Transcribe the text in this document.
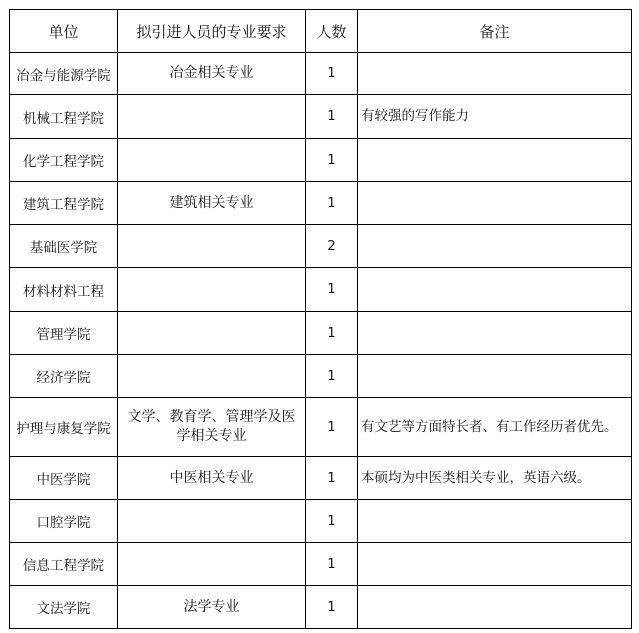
单位	拟引进人员的专业要求	人数	备注
冶金与能源学院	冶金相关专业	1	
机械工程学院		1	有较强的写作能力
化学工程学院		1	
建筑工程学院	建筑相关专业	1	
基础医学院		2	
材料材料工程		1	
管理学院		1	
经济学院		1	
护理与康复学院	文学、教育学、管理学及医学相关专业	1	有文艺等方面特长者、有工作经历者优先。
中医学院	中医相关专业	1	本硕均为中医类相关专业，英语六级。
口腔学院		1	
信息工程学院		1	
文法学院	法学专业	1	
